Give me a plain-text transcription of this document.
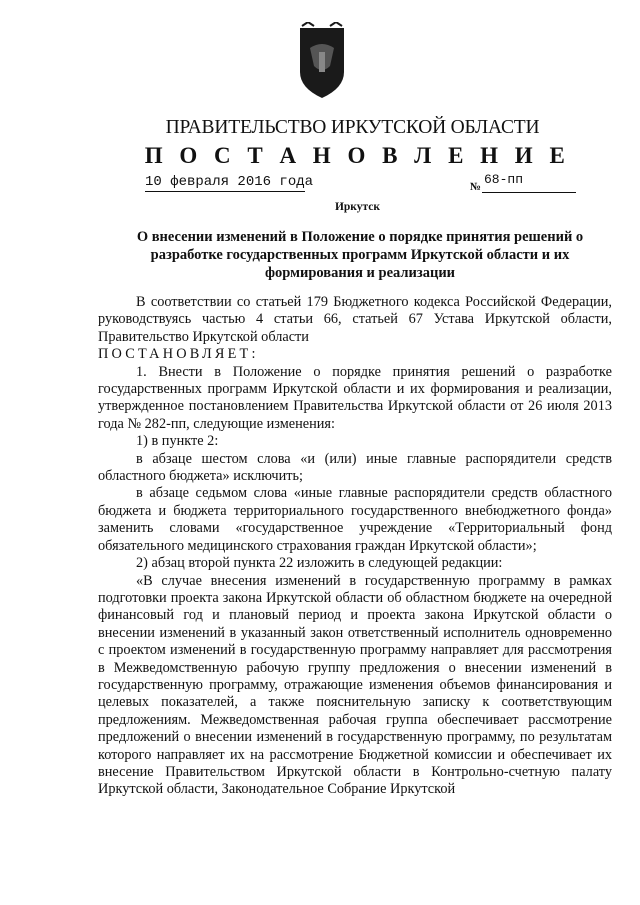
ПРАВИТЕЛЬСТВО ИРКУТСКОЙ ОБЛАСТИ
П О С Т А Н О В Л Е Н И Е
10 февраля 2016 года	№ 68-пп
Иркутск
О внесении изменений в Положение о порядке принятия решений о разработке государственных программ Иркутской области и их формирования и реализации

В соответствии со статьей 179 Бюджетного кодекса Российской Федерации, руководствуясь частью 4 статьи 66, статьей 67 Устава Иркутской области, Правительство Иркутской области

ПОСТАНОВЛЯЕТ:

1. Внести в Положение о порядке принятия решений о разработке государственных программ Иркутской области и их формирования и реализации, утвержденное постановлением Правительства Иркутской области от 26 июля 2013 года № 282-пп, следующие изменения:

1) в пункте 2:

в абзаце шестом слова «и (или) иные главные распорядители средств областного бюджета» исключить;

в абзаце седьмом слова «иные главные распорядители средств областного бюджета и бюджета территориального государственного внебюджетного фонда» заменить словами «государственное учреждение «Территориальный фонд обязательного медицинского страхования граждан Иркутской области»;

2) абзац второй пункта 22 изложить в следующей редакции:

«В случае внесения изменений в государственную программу в рамках подготовки проекта закона Иркутской области об областном бюджете на очередной финансовый год и плановый период и проекта закона Иркутской области о внесении изменений в указанный закон ответственный исполнитель одновременно с проектом изменений в государственную программу направляет для рассмотрения в Межведомственную рабочую группу предложения о внесении изменений в государственную программу, отражающие изменения объемов финансирования и целевых показателей, а также пояснительную записку к соответствующим предложениям. Межведомственная рабочая группа обеспечивает рассмотрение предложений о внесении изменений в государственную программу, по результатам которого направляет их на рассмотрение Бюджетной комиссии и обеспечивает их внесение Правительством Иркутской области в Контрольно-счетную палату Иркутской области, Законодательное Собрание Иркутской
